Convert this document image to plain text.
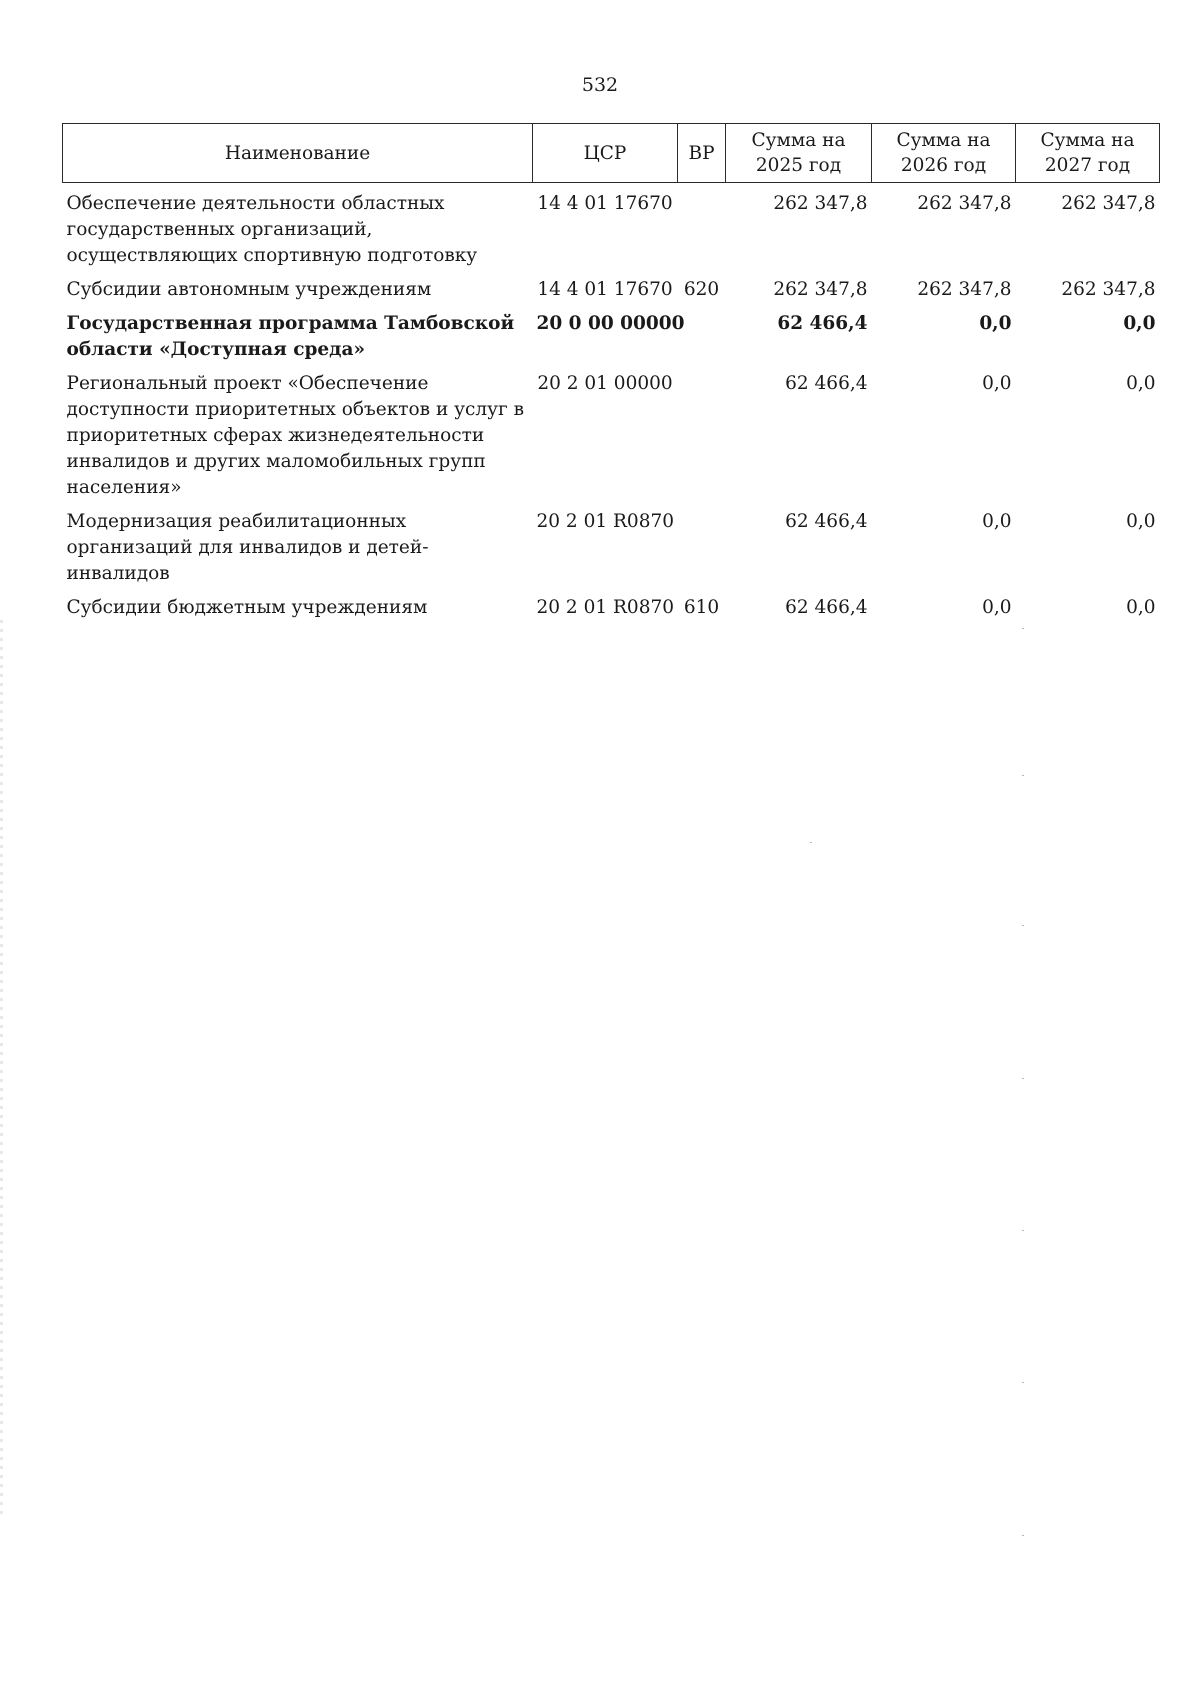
532
Наименование	ЦСР	ВР	Сумма на 2025 год	Сумма на 2026 год	Сумма на 2027 год
Обеспечение деятельности областных государственных организаций, осуществляющих спортивную подготовку	14 4 01 17670		262 347,8	262 347,8	262 347,8
Субсидии автономным учреждениям	14 4 01 17670	620	262 347,8	262 347,8	262 347,8
Государственная программа Тамбовской области «Доступная среда»	20 0 00 00000		62 466,4	0,0	0,0
Региональный проект «Обеспечение доступности приоритетных объектов и услуг в приоритетных сферах жизнедеятельности инвалидов и других маломобильных групп населения»	20 2 01 00000		62 466,4	0,0	0,0
Модернизация реабилитационных организаций для инвалидов и детей-инвалидов	20 2 01 R0870		62 466,4	0,0	0,0
Субсидии бюджетным учреждениям	20 2 01 R0870	610	62 466,4	0,0	0,0
